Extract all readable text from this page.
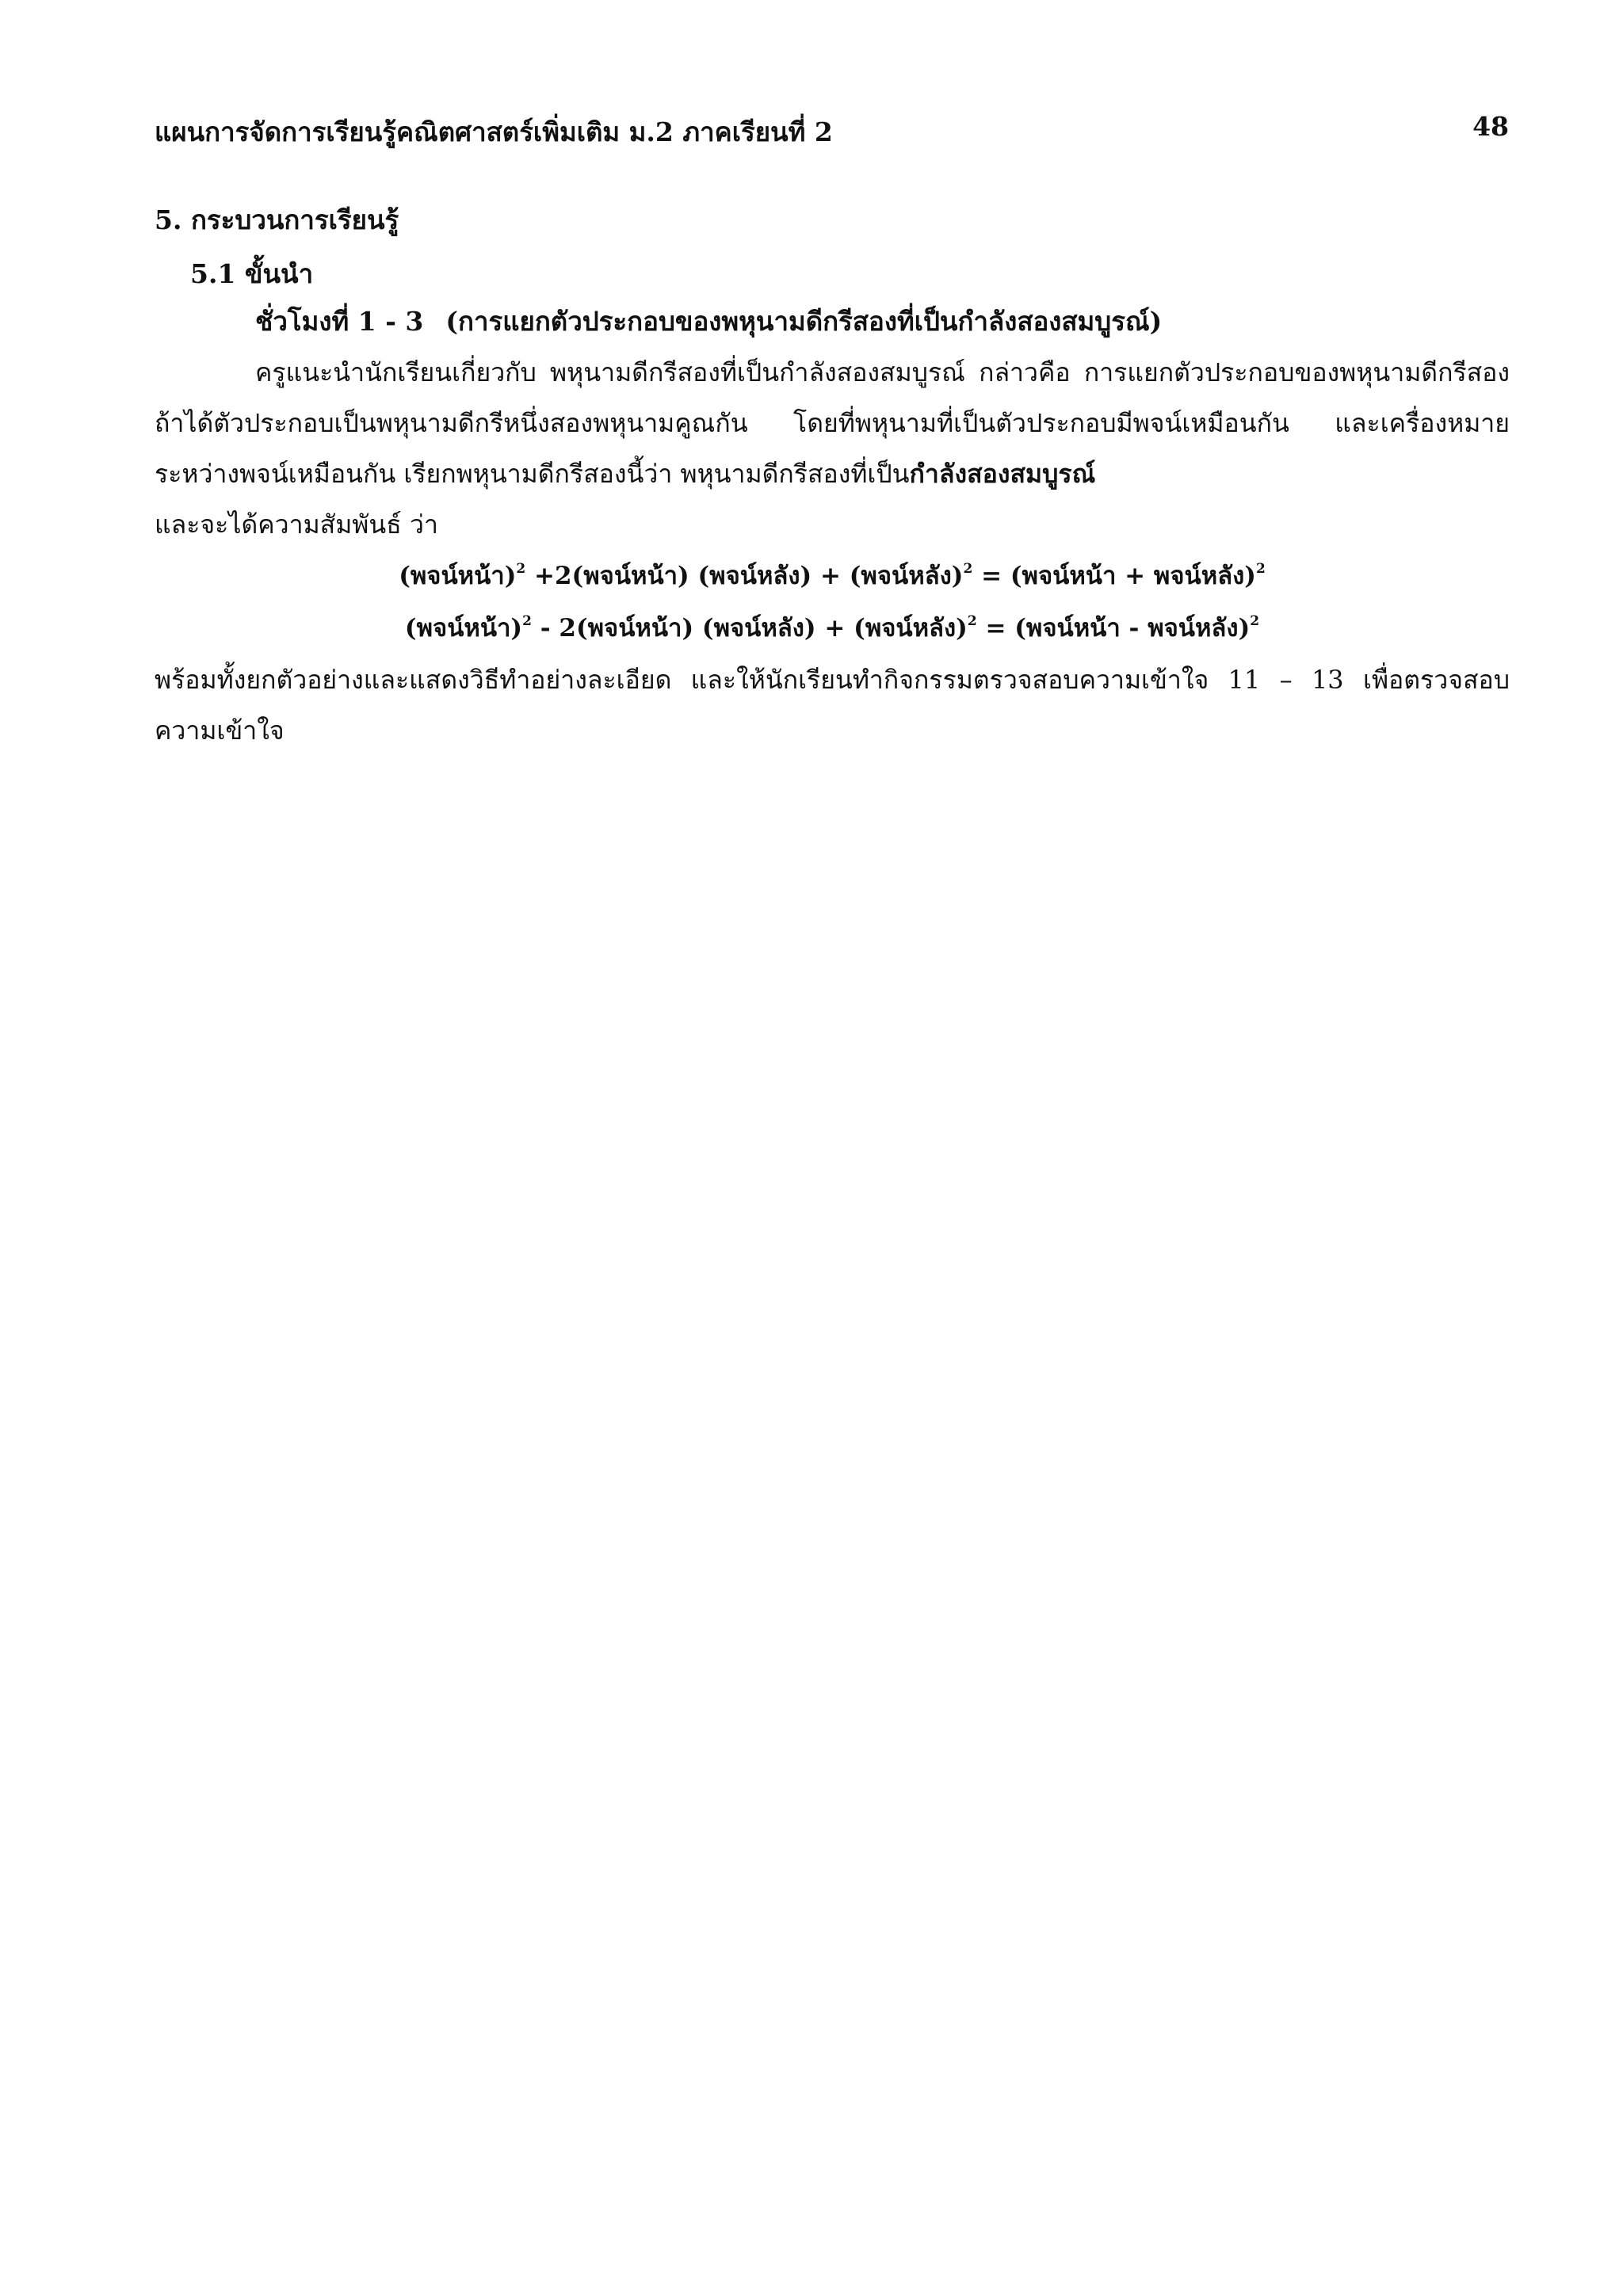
แผนการจัดการเรียนรู้คณิตศาสตร์เพิ่มเติม ม.2 ภาคเรียนที่ 2	48
5. กระบวนการเรียนรู้
5.1 ขั้นนำ
ชั่วโมงที่ 1 - 3 (การแยกตัวประกอบของพหุนามดีกรีสองที่เป็นกำลังสองสมบูรณ์)

ครูแนะนำนักเรียนเกี่ยวกับ พหุนามดีกรีสองที่เป็นกำลังสองสมบูรณ์ กล่าวคือ การแยกตัวประกอบของพหุนามดีกรีสอง ถ้าได้ตัวประกอบเป็นพหุนามดีกรีหนึ่งสองพหุนามคูณกัน โดยที่พหุนามที่เป็นตัวประกอบมีพจน์เหมือนกัน และเครื่องหมายระหว่างพจน์เหมือนกัน เรียกพหุนามดีกรีสองนี้ว่า พหุนามดีกรีสองที่เป็นกำลังสองสมบูรณ์

และจะได้ความสัมพันธ์ ว่า

(พจน์หน้า)$^2$ +2(พจน์หน้า) (พจน์หลัง) + (พจน์หลัง)$^2$ = (พจน์หน้า + พจน์หลัง)$^2$
(พจน์หน้า)$^2$ - 2(พจน์หน้า) (พจน์หลัง) + (พจน์หลัง)$^2$ = (พจน์หน้า - พจน์หลัง)$^2$

พร้อมทั้งยกตัวอย่างและแสดงวิธีทำอย่างละเอียด และให้นักเรียนทำกิจกรรมตรวจสอบความเข้าใจ 11 – 13 เพื่อตรวจสอบความเข้าใจ
